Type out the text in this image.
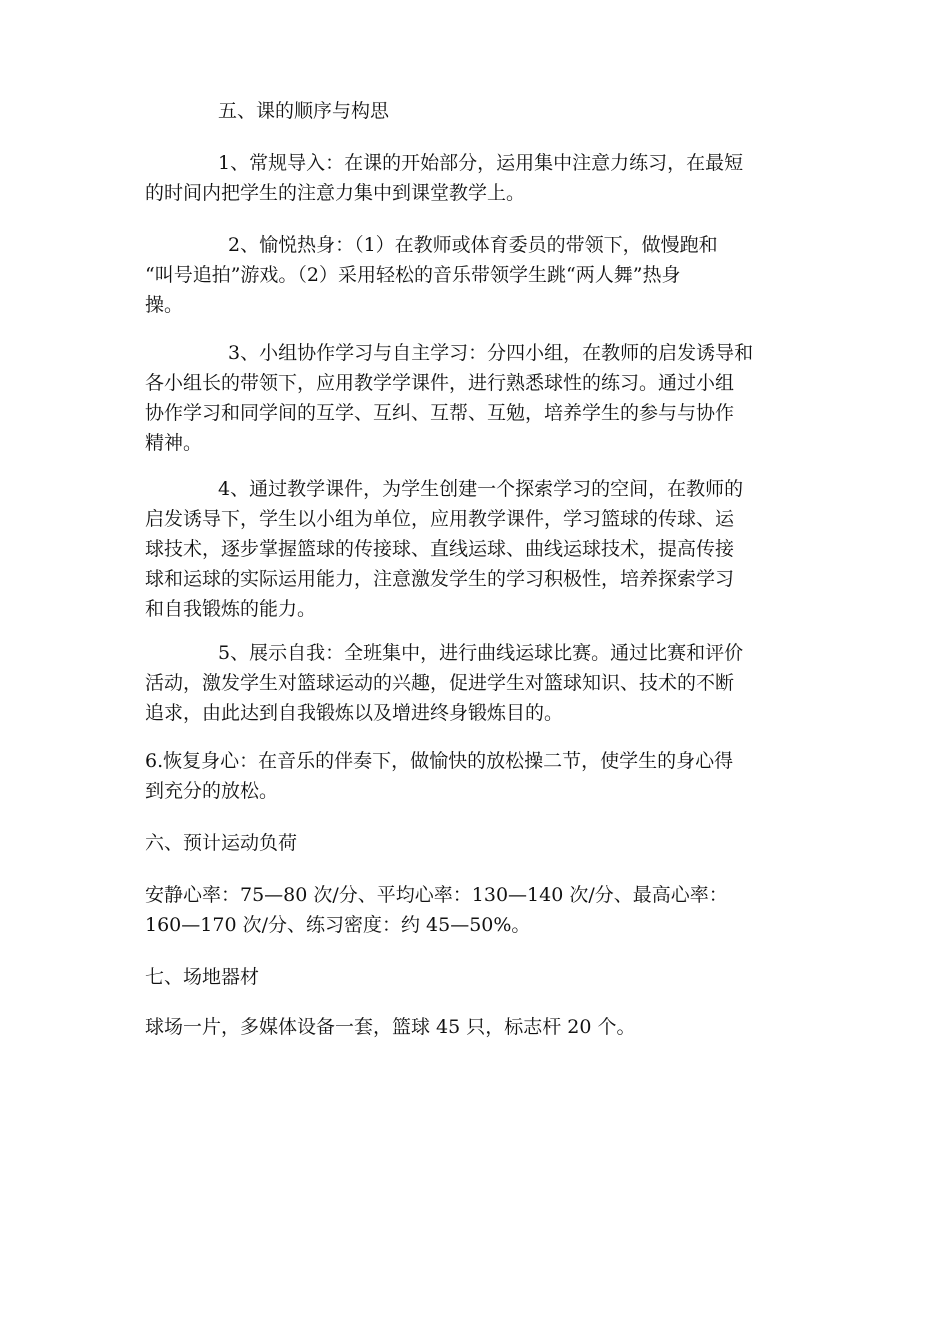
五、课的顺序与构思

1、常规导入：在课的开始部分，运用集中注意力练习，在最短
的时间内把学生的注意力集中到课堂教学上。

2、愉悦热身：（1）在教师或体育委员的带领下，做慢跑和
“叫号追拍”游戏。（2）采用轻松的音乐带领学生跳“两人舞”热身
操。

3、小组协作学习与自主学习：分四小组，在教师的启发诱导和
各小组长的带领下，应用教学学课件，进行熟悉球性的练习。通过小组
协作学习和同学间的互学、互纠、互帮、互勉，培养学生的参与与协作
精神。

4、通过教学课件，为学生创建一个探索学习的空间，在教师的
启发诱导下，学生以小组为单位，应用教学课件，学习篮球的传球、运
球技术，逐步掌握篮球的传接球、直线运球、曲线运球技术，提高传接
球和运球的实际运用能力，注意激发学生的学习积极性，培养探索学习
和自我锻炼的能力。

5、展示自我：全班集中，进行曲线运球比赛。通过比赛和评价
活动，激发学生对篮球运动的兴趣，促进学生对篮球知识、技术的不断
追求，由此达到自我锻炼以及增进终身锻炼目的。

6.恢复身心：在音乐的伴奏下，做愉快的放松操二节，使学生的身心得
到充分的放松。

六、预计运动负荷

安静心率：75—80 次/分、平均心率：130—140 次/分、最高心率：
160—170 次/分、练习密度：约 45—50%。

七、场地器材

球场一片，多媒体设备一套，篮球 45 只，标志杆 20 个。
